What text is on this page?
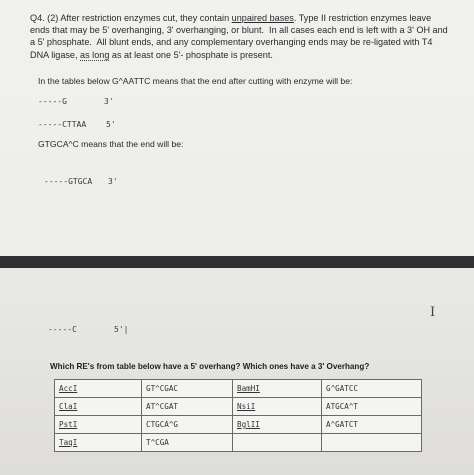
Q4. (2) After restriction enzymes cut, they contain unpaired bases. Type II restriction enzymes leave
ends that may be 5' overhanging, 3' overhanging, or blunt.  In all cases each end is left with a 3' OH and
a 5' phosphate.  All blunt ends, and any complementary overhanging ends may be re-ligated with T4
DNA ligase, as long as at least one 5'- phosphate is present.
In the tables below G^AATTC means that the end after cutting with enzyme will be:
-----G	3'
-----CTTAA 5'
GTGCA^C means that the end will be:
-----GTGCA 3'
-----C	5'|
I
Which RE's from table below have a 5' overhang? Which ones have a 3' Overhang?
AccI	GT^CGAC	BamHI	G^GATCC
ClaI	AT^CGAT	NsiI	ATGCA^T
PstI	CTGCA^G	BglII	A^GATCT
TaqI	T^CGA		
